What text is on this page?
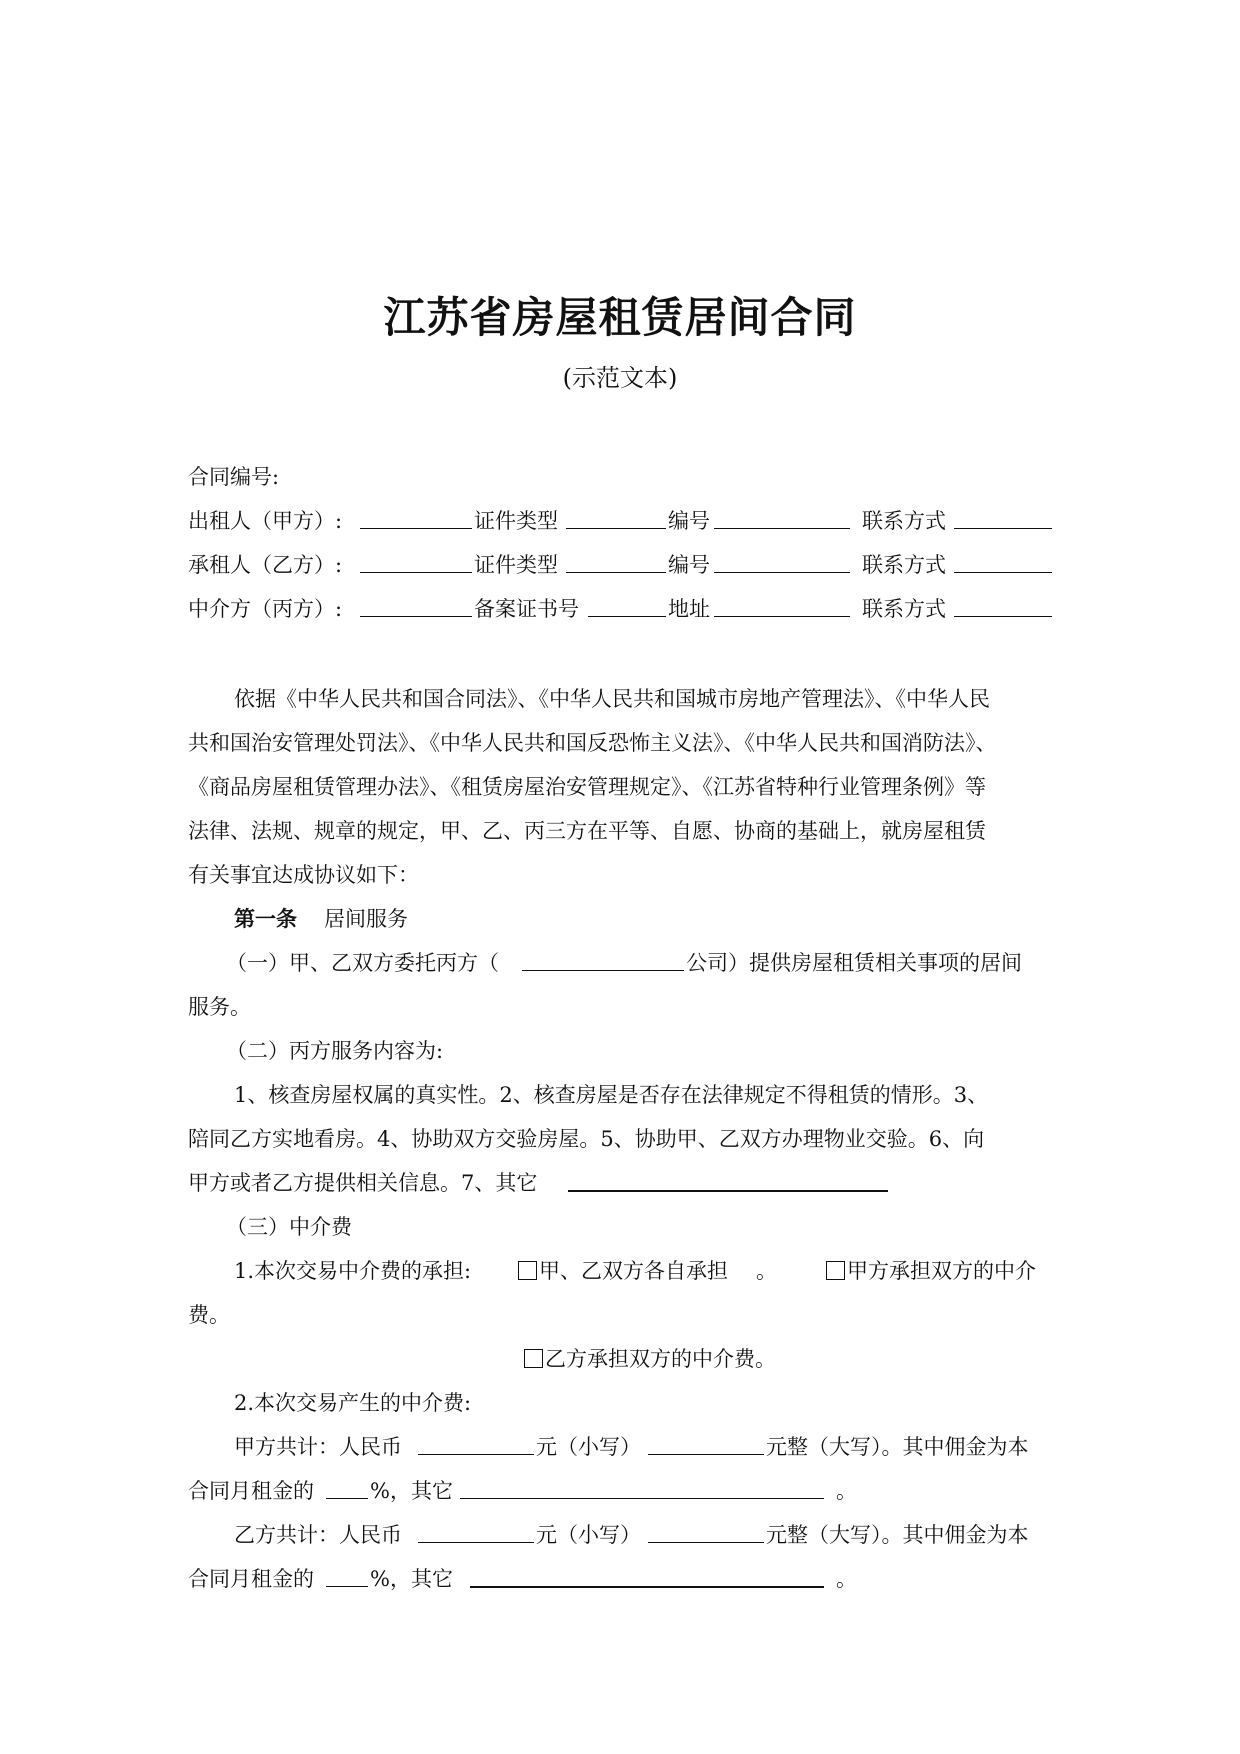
江苏省房屋租赁居间合同
(示范文本)
合同编号:
出租人（甲方）:	证件类型	编号	联系方式
承租人（乙方）:	证件类型	编号	联系方式
中介方（丙方）:	备案证书号	地址	联系方式
依据《中华人民共和国合同法》、《中华人民共和国城市房地产管理法》、《中华人民
共和国治安管理处罚法》、《中华人民共和国反恐怖主义法》、《中华人民共和国消防法》、
《商品房屋租赁管理办法》、《租赁房屋治安管理规定》、《江苏省特种行业管理条例》等
法律、法规、规章的规定，甲、乙、丙三方在平等、自愿、协商的基础上，就房屋租赁
有关事宜达成协议如下：
第一条 居间服务
（一）甲、乙双方委托丙方（	公司）提供房屋租赁相关事项的居间
服务。
（二）丙方服务内容为:
1、核查房屋权属的真实性。2、核查房屋是否存在法律规定不得租赁的情形。3、
陪同乙方实地看房。4、协助双方交验房屋。5、协助甲、乙双方办理物业交验。6、向
甲方或者乙方提供相关信息。7、其它
（三）中介费
1.本次交易中介费的承担:	甲、乙双方各自承担 。	甲方承担双方的中介
费。
乙方承担双方的中介费。
2.本次交易产生的中介费:
甲方共计：人民币	元（小写）	元整（大写）。其中佣金为本
合同月租金的	%，其它	。
乙方共计：人民币	元（小写）	元整（大写）。其中佣金为本
合同月租金的	%，其它	。
